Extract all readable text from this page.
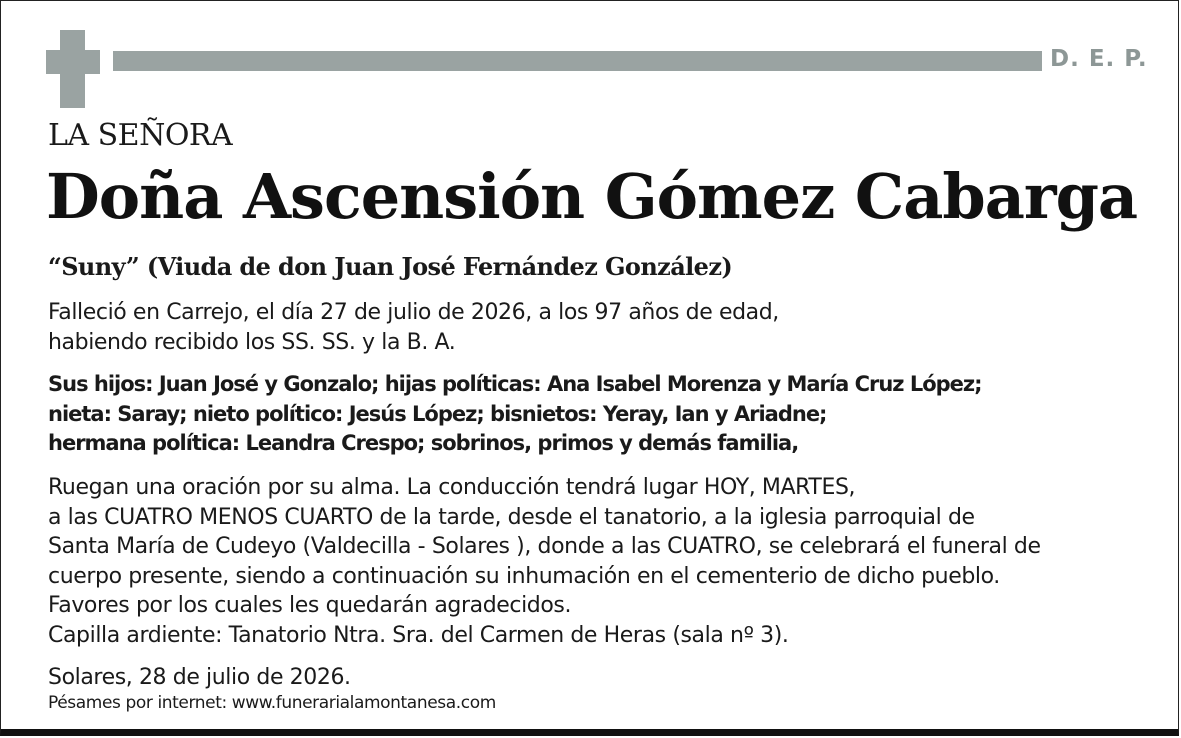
D. E. P.
LA SEÑORA
Doña Ascensión Gómez Cabarga
“Suny” (Viuda de don Juan José Fernández González)
Falleció en Carrejo, el día 27 de julio de 2026, a los 97 años de edad,
habiendo recibido los SS. SS. y la B. A.
Sus hijos: Juan José y Gonzalo; hijas políticas: Ana Isabel Morenza y María Cruz López;
nieta: Saray; nieto político: Jesús López; bisnietos: Yeray, Ian y Ariadne;
hermana política: Leandra Crespo; sobrinos, primos y demás familia,
Ruegan una oración por su alma. La conducción tendrá lugar HOY, MARTES,
a las CUATRO MENOS CUARTO de la tarde, desde el tanatorio, a la iglesia parroquial de
Santa María de Cudeyo (Valdecilla - Solares ), donde a las CUATRO, se celebrará el funeral de
cuerpo presente, siendo a continuación su inhumación en el cementerio de dicho pueblo.
Favores por los cuales les quedarán agradecidos.
Capilla ardiente: Tanatorio Ntra. Sra. del Carmen de Heras (sala nº 3).
Solares, 28 de julio de 2026.
Pésames por internet: www.funerarialamontanesa.com
